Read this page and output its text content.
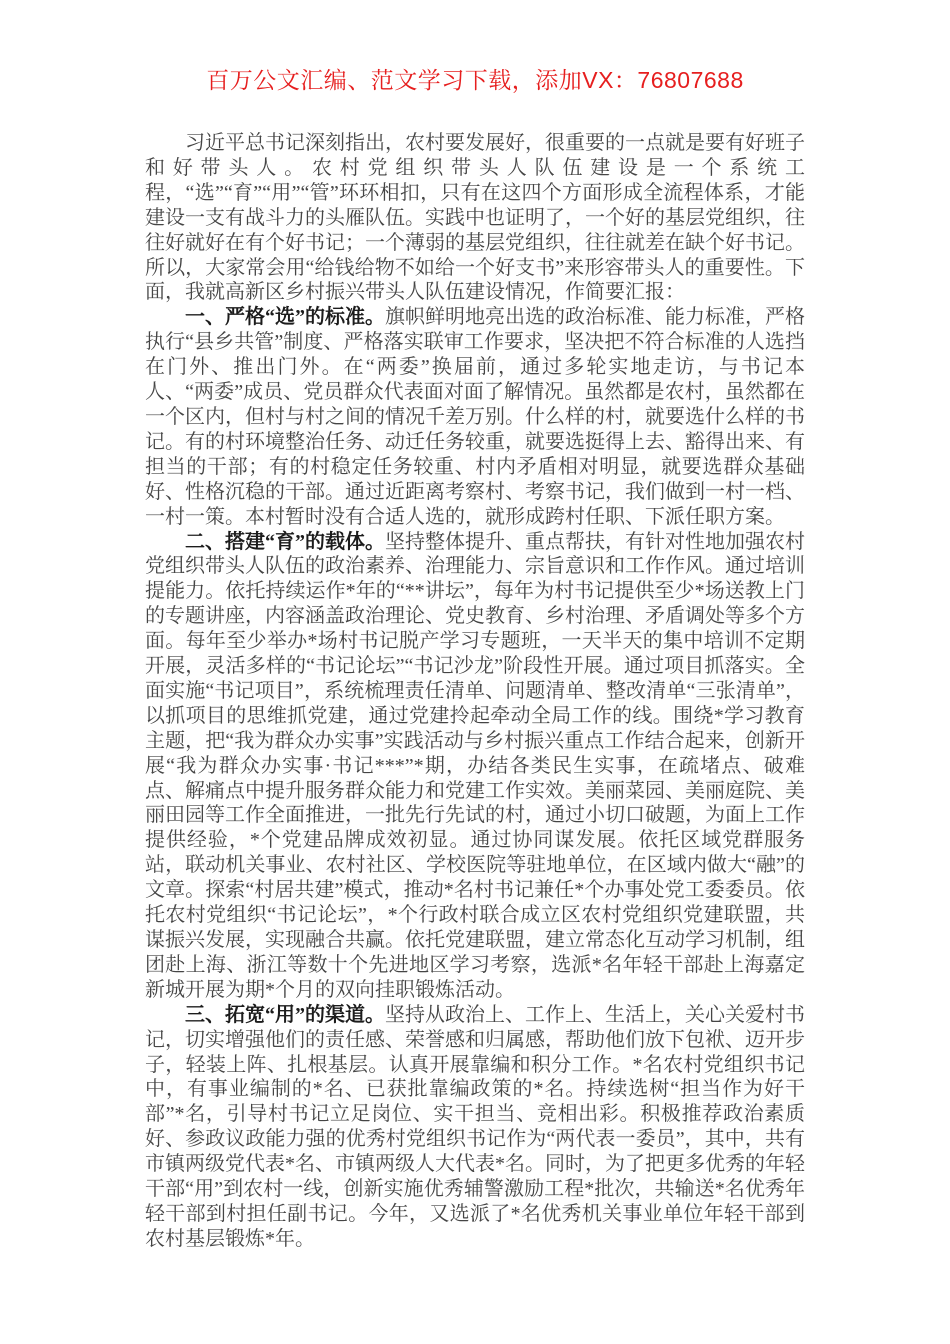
百万公文汇编、范文学习下载，添加VX：76807688

习近平总书记深刻指出，农村要发展好，很重要的一点就是要有好班子和好带头人。农村党组织带头人队伍建设是一个系统工程，“选”“育”“用”“管”环环相扣，只有在这四个方面形成全流程体系，才能建设一支有战斗力的头雁队伍。实践中也证明了，一个好的基层党组织，往往好就好在有个好书记；一个薄弱的基层党组织，往往就差在缺个好书记。所以，大家常会用“给钱给物不如给一个好支书”来形容带头人的重要性。下面，我就高新区乡村振兴带头人队伍建设情况，作简要汇报：

一、严格“选”的标准。旗帜鲜明地亮出选的政治标准、能力标准，严格执行“县乡共管”制度、严格落实联审工作要求，坚决把不符合标准的人选挡在门外、推出门外。在“两委”换届前，通过多轮实地走访，与书记本人、“两委”成员、党员群众代表面对面了解情况。虽然都是农村，虽然都在一个区内，但村与村之间的情况千差万别。什么样的村，就要选什么样的书记。有的村环境整治任务、动迁任务较重，就要选挺得上去、豁得出来、有担当的干部；有的村稳定任务较重、村内矛盾相对明显，就要选群众基础好、性格沉稳的干部。通过近距离考察村、考察书记，我们做到一村一档、一村一策。本村暂时没有合适人选的，就形成跨村任职、下派任职方案。

二、搭建“育”的载体。坚持整体提升、重点帮扶，有针对性地加强农村党组织带头人队伍的政治素养、治理能力、宗旨意识和工作作风。通过培训提能力。依托持续运作*年的“**讲坛”，每年为村书记提供至少*场送教上门的专题讲座，内容涵盖政治理论、党史教育、乡村治理、矛盾调处等多个方面。每年至少举办*场村书记脱产学习专题班，一天半天的集中培训不定期开展，灵活多样的“书记论坛”“书记沙龙”阶段性开展。通过项目抓落实。全面实施“书记项目”，系统梳理责任清单、问题清单、整改清单“三张清单”，以抓项目的思维抓党建，通过党建拎起牵动全局工作的线。围绕*学习教育主题，把“我为群众办实事”实践活动与乡村振兴重点工作结合起来，创新开展“我为群众办实事·书记***”*期，办结各类民生实事，在疏堵点、破难点、解痛点中提升服务群众能力和党建工作实效。美丽菜园、美丽庭院、美丽田园等工作全面推进，一批先行先试的村，通过小切口破题，为面上工作提供经验，*个党建品牌成效初显。通过协同谋发展。依托区域党群服务站，联动机关事业、农村社区、学校医院等驻地单位，在区域内做大“融”的文章。探索“村居共建”模式，推动*名村书记兼任*个办事处党工委委员。依托农村党组织“书记论坛”，*个行政村联合成立区农村党组织党建联盟，共谋振兴发展，实现融合共赢。依托党建联盟，建立常态化互动学习机制，组团赴上海、浙江等数十个先进地区学习考察，选派*名年轻干部赴上海嘉定新城开展为期*个月的双向挂职锻炼活动。

三、拓宽“用”的渠道。坚持从政治上、工作上、生活上，关心关爱村书记，切实增强他们的责任感、荣誉感和归属感，帮助他们放下包袱、迈开步子，轻装上阵、扎根基层。认真开展靠编和积分工作。*名农村党组织书记中，有事业编制的*名、已获批靠编政策的*名。持续选树“担当作为好干部”*名，引导村书记立足岗位、实干担当、竞相出彩。积极推荐政治素质好、参政议政能力强的优秀村党组织书记作为“两代表一委员”，其中，共有市镇两级党代表*名、市镇两级人大代表*名。同时，为了把更多优秀的年轻干部“用”到农村一线，创新实施优秀辅警激励工程*批次，共输送*名优秀年轻干部到村担任副书记。今年，又选派了*名优秀机关事业单位年轻干部到农村基层锻炼*年。
